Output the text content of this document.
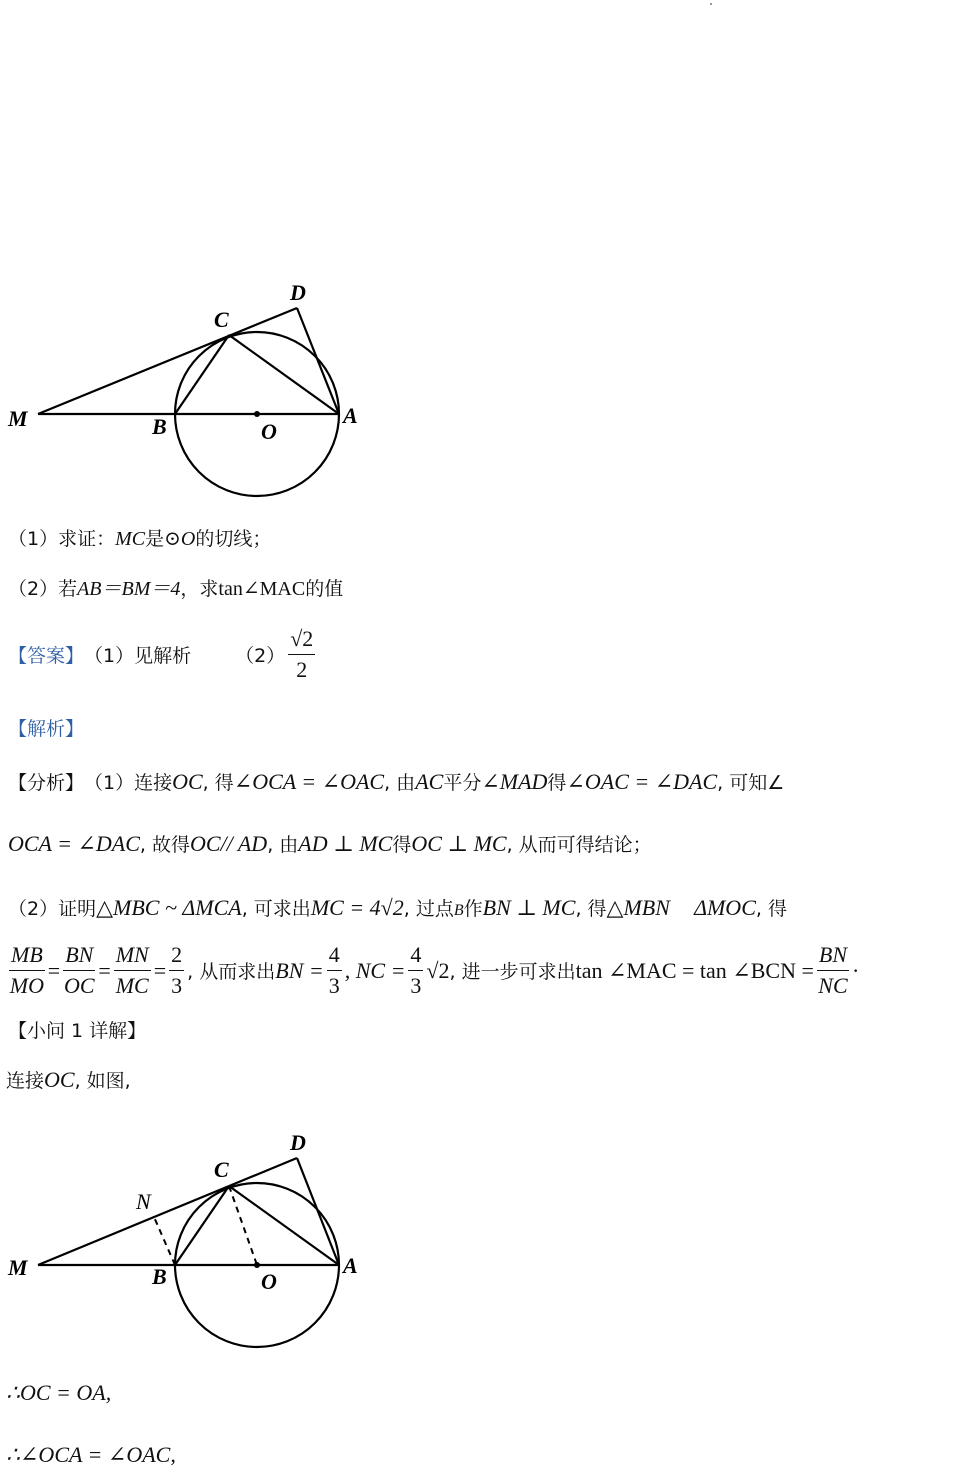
M	B	O
A
C
D
（1）求证： MC 是 ⊙ O 的切线；
（2）若 AB＝BM＝4 ，求 tan∠MAC 的值
【答案】 （1）见解析 $(2) \frac{√2}{2}$
【解析】
【分析】 （1）连接 OC , 得 ∠OCA = ∠OAC , 由 AC 平分 ∠MAD 得 ∠OAC = ∠DAC , 可知∠
OCA = ∠DAC , 故得 OC// AD , 由 AD ⊥ MC 得 OC ⊥ MC , 从而可得结论；
（2）证明 △MBC ~ ΔMCA , 可求出 MC = 4√2 , 过点 B 作 BN ⊥ MC , 得 △MBN
ΔMOC , 得
$\frac{MB}{MO} = \frac{BN}{OC} = \frac{MN}{MC} = \frac{2}{3}$ , 从而求出 BN = $\frac{4}{3}$ , NC = $\frac{4}{3} √2$ , 进一步可求出 tan ∠MAC = tan ∠BCN = $\frac{BN}{NC}$ ·
【小问 1 详解】
连接 OC , 如图,
M	B	O
A
C
D
N
∴OC = OA,
∴∠OCA = ∠OAC,
